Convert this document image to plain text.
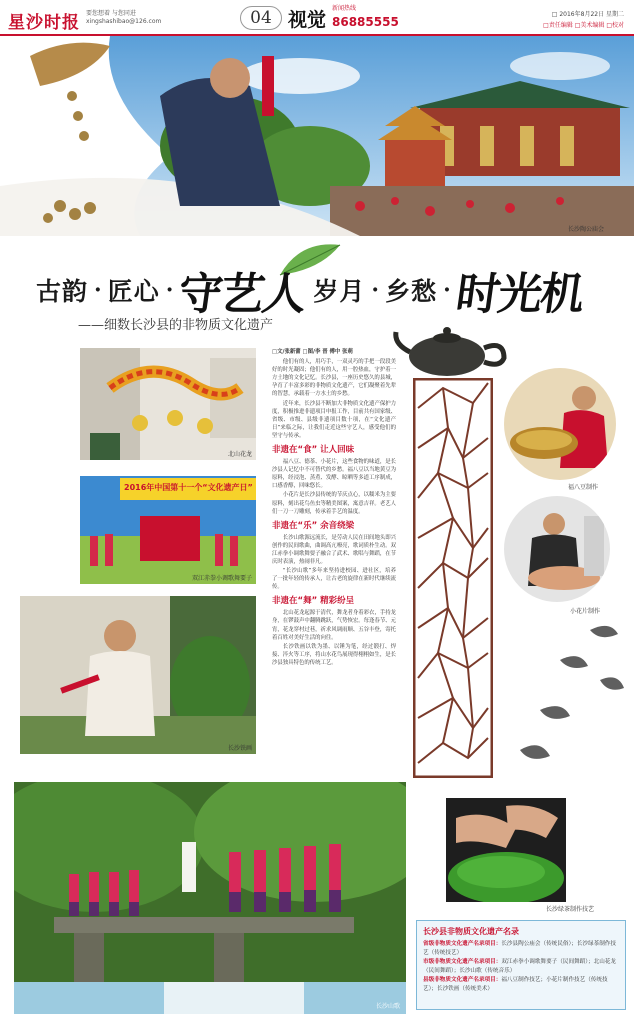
星沙时报 要您想着 与您同进
xingshashibao@126.com	04 视觉
新闻热线
86885555
□ 2016年8月22日 星期二
□责任编辑 □美术编辑 □校对
长沙陶公庙会
古韵 · 匠心 · 守艺人 岁月 · 乡愁 · 时光机
——细数长沙县的非物质文化遗产
北山花龙
2016年中国第十一个“文化遗产日”
双江赤拳小调歌舞要子
长沙铁画

□文/张新蕾 □图/李 晋 傅中 张萌

他们有的人，用巧手，一双灵巧的手把一段段美好的时光凝固；他们有的人，用一腔热血，守护着一方土地的文化记忆。长沙县，一座历史悠久的县城，孕育了丰富多彩的非物质文化遗产，它们凝聚着先辈的智慧，承载着一方水土的乡愁。

近年来，长沙县不断加大非物质文化遗产保护力度，积极推进非遗项目申报工作，目前共有国家级、省级、市级、县级非遗项目数十项，在“文化遗产日”来临之际，让我们走近这些守艺人，感受他们的坚守与传承。

非遗在“食” 让人回味

福八豆、德茶、小花片，这些食物的味道，是长沙县人记忆中不可替代的乡愁。福八豆以当地黄豆为原料，经浸泡、蒸煮、发酵、晾晒等多道工序制成，口感香醇，回味悠长。

小花片是长沙县传统的节庆点心，以糯米为主要原料，刻出花鸟鱼虫等精美图案，寓意吉祥。老艺人们一刀一刀雕刻，传承着手艺的温度。

非遗在“乐” 余音绕梁

长沙山歌源远流长，是劳动人民在田间地头即兴创作的民间歌曲，曲调高亢嘹亮，歌词质朴生动。双江赤拳小调歌舞要子融合了武术、歌唱与舞蹈，在节庆时表演，热闹非凡。

“长沙山歌”多年来坚持进校园、进社区，培养了一批年轻的传承人，让古老的旋律在新时代继续流传。

非遗在“舞” 精彩纷呈

北山花龙起源于清代，舞龙者身着彩衣，手持龙身，在锣鼓声中翻腾跳跃，气势恢宏。每逢春节、元宵，花龙穿村过巷，祈求风调雨顺、五谷丰登，寄托着百姓对美好生活的向往。

长沙铁画以铁为墨、以锤为笔，经过锻打、焊接、淬火等工序，将山水花鸟展现得栩栩如生，是长沙县独具特色的传统工艺。

福八豆制作
小花片制作
长沙山歌
长沙绿茶制作技艺
长沙县非物质文化遗产名录

省级非物质文化遗产名录项目：长沙县陶公庙会（传统民俗）；长沙绿茶制作技艺（传统技艺）

市级非物质文化遗产名录项目：双江赤拳小调歌舞要子（民间舞蹈）；北山花龙（民间舞蹈）；长沙山歌（传统音乐）

县级非物质文化遗产名录项目：福八豆制作技艺；小花片制作技艺（传统技艺）；长沙铁画（传统美术）
